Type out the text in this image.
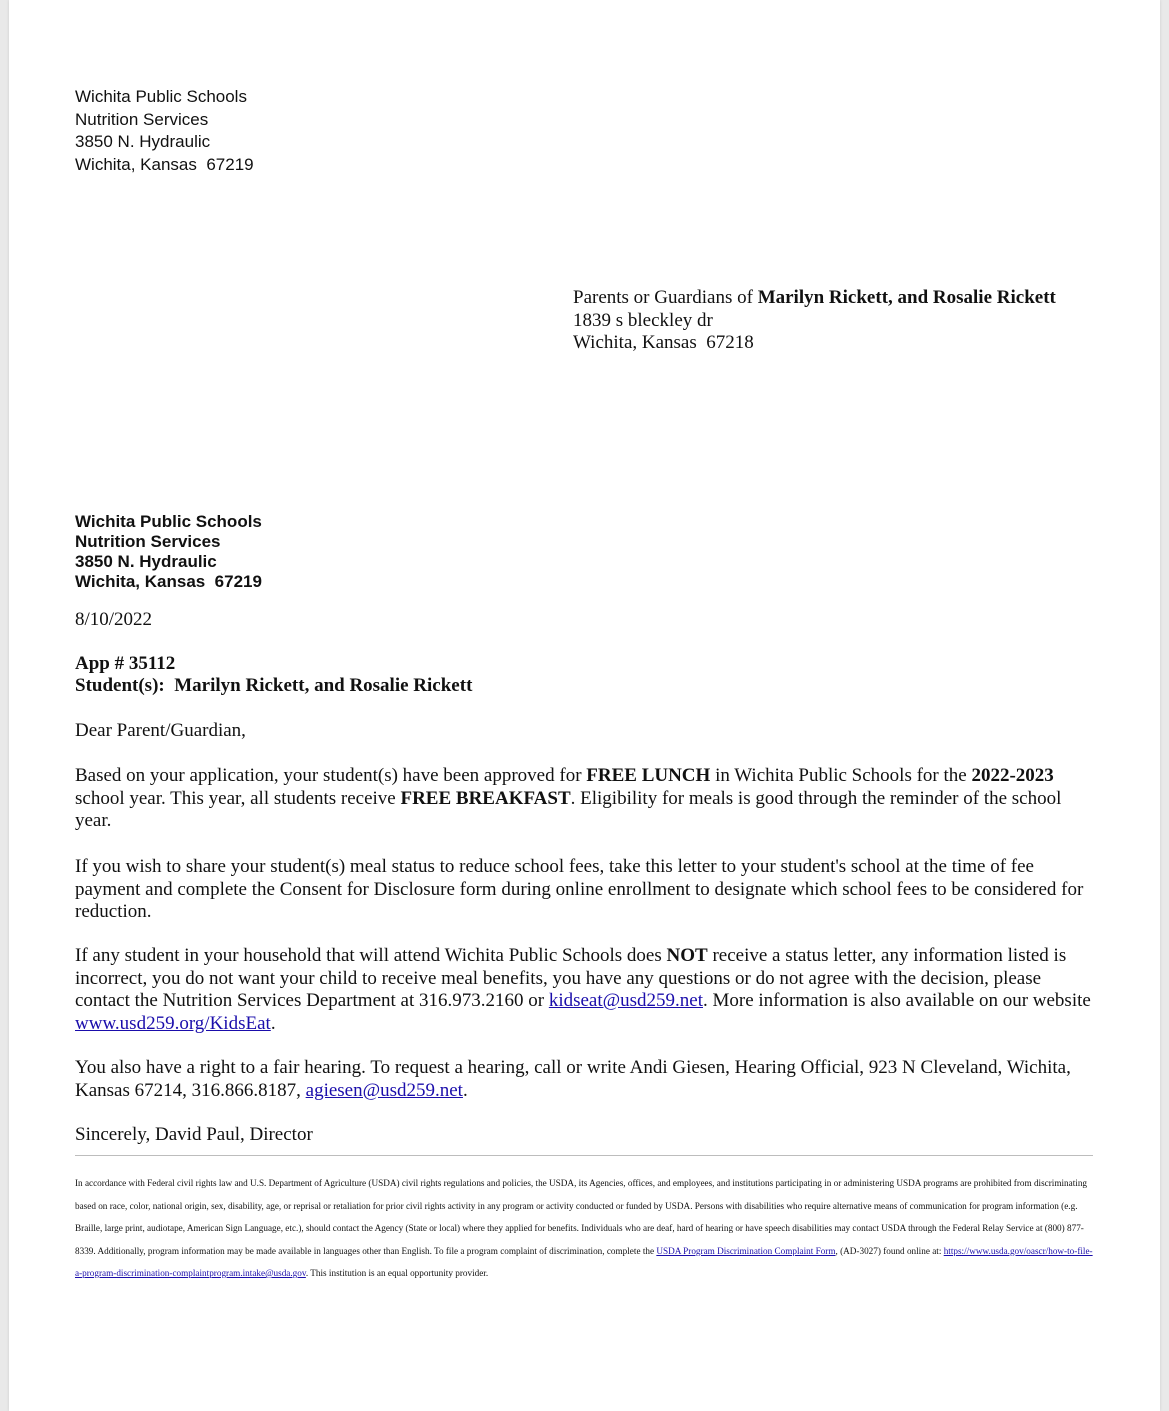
Wichita Public Schools
Nutrition Services
3850 N. Hydraulic
Wichita, Kansas  67219
Parents or Guardians of Marilyn Rickett, and Rosalie Rickett
1839 s bleckley dr
Wichita, Kansas  67218
Wichita Public Schools
Nutrition Services
3850 N. Hydraulic
Wichita, Kansas  67219
8/10/2022
App # 35112
Student(s): Marilyn Rickett, and Rosalie Rickett
Dear Parent/Guardian,

Based on your application, your student(s) have been approved for FREE LUNCH in Wichita Public Schools for the 2022-2023 school year. This year, all students receive FREE BREAKFAST. Eligibility for meals is good through the reminder of the school year.

If you wish to share your student(s) meal status to reduce school fees, take this letter to your student's school at the time of fee payment and complete the Consent for Disclosure form during online enrollment to designate which school fees to be considered for reduction.

If any student in your household that will attend Wichita Public Schools does NOT receive a status letter, any information listed is incorrect, you do not want your child to receive meal benefits, you have any questions or do not agree with the decision, please contact the Nutrition Services Department at 316.973.2160 or kidseat@usd259.net. More information is also available on our website www.usd259.org/KidsEat.

You also have a right to a fair hearing. To request a hearing, call or write Andi Giesen, Hearing Official, 923 N Cleveland, Wichita, Kansas 67214, 316.866.8187, agiesen@usd259.net.

Sincerely, David Paul, Director
In accordance with Federal civil rights law and U.S. Department of Agriculture (USDA) civil rights regulations and policies, the USDA, its Agencies, offices, and employees, and institutions participating in or administering USDA programs are prohibited from discriminating based on race, color, national origin, sex, disability, age, or reprisal or retaliation for prior civil rights activity in any program or activity conducted or funded by USDA. Persons with disabilities who require alternative means of communication for program information (e.g. Braille, large print, audiotape, American Sign Language, etc.), should contact the Agency (State or local) where they applied for benefits. Individuals who are deaf, hard of hearing or have speech disabilities may contact USDA through the Federal Relay Service at (800) 877-8339. Additionally, program information may be made available in languages other than English. To file a program complaint of discrimination, complete the USDA Program Discrimination Complaint Form, (AD-3027) found online at: https://www.usda.gov/oascr/how-to-file-a-program-discrimination-complaintprogram.intake@usda.gov. This institution is an equal opportunity provider.
